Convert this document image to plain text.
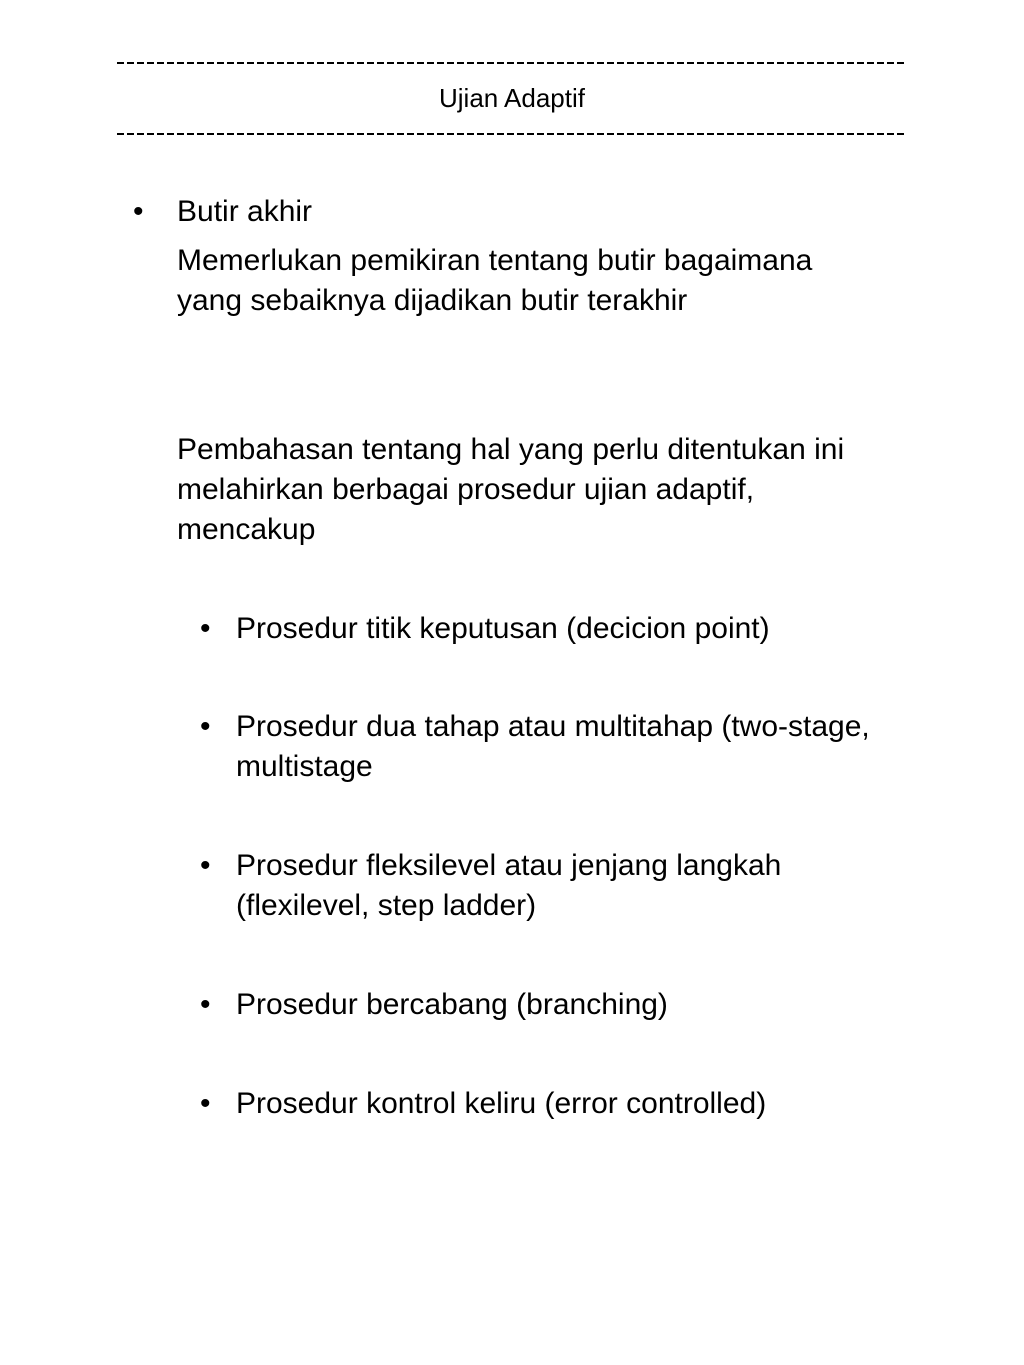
Ujian Adaptif
• Butir akhir
Memerlukan pemikiran tentang butir bagaimana
yang sebaiknya dijadikan butir terakhir
Pembahasan tentang hal yang perlu ditentukan ini
melahirkan berbagai prosedur ujian adaptif,
mencakup
• Prosedur titik keputusan (decicion point)
• Prosedur dua tahap atau multitahap (two-stage,
multistage
• Prosedur fleksilevel atau jenjang langkah
(flexilevel, step ladder)
• Prosedur bercabang (branching)
• Prosedur kontrol keliru (error controlled)
